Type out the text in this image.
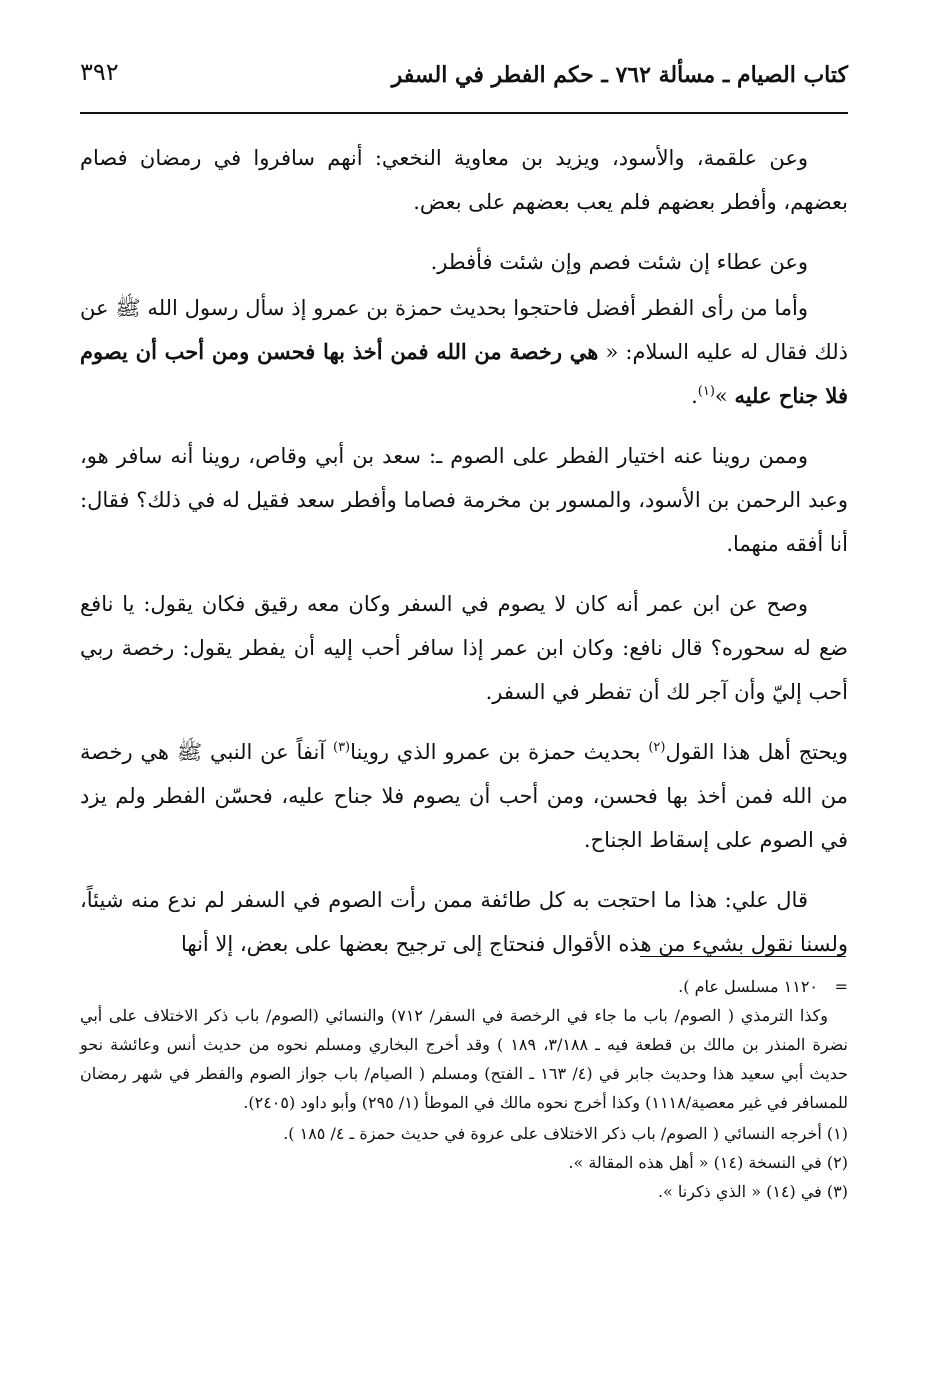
كتاب الصيام ـ مسألة ٧٦٢ ـ حكم الفطر في السفر
٣٩٢

وعن علقمة، والأسود، ويزيد بن معاوية النخعي: أنهم سافروا في رمضان فصام بعضهم، وأفطر بعضهم فلم يعب بعضهم على بعض.

وعن عطاء إن شئت فصم وإن شئت فأفطر.

وأما من رأى الفطر أفضل فاحتجوا بحديث حمزة بن عمرو إذ سأل رسول الله ﷺ عن ذلك فقال له عليه السلام: « هي رخصة من الله فمن أخذ بها فحسن ومن أحب أن يصوم فلا جناح عليه »$^{(١)}$.

وممن روينا عنه اختيار الفطر على الصوم ـ: سعد بن أبي وقاص، روينا أنه سافر هو، وعبد الرحمن بن الأسود، والمسور بن مخرمة فصاما وأفطر سعد فقيل له في ذلك؟ فقال: أنا أفقه منهما.

وصح عن ابن عمر أنه كان لا يصوم في السفر وكان معه رقيق فكان يقول: يا نافع ضع له سحوره؟ قال نافع: وكان ابن عمر إذا سافر أحب إليه أن يفطر يقول: رخصة ربي أحب إليّ وأن آجر لك أن تفطر في السفر.

ويحتج أهل هذا القول$^{(٢)}$ بحديث حمزة بن عمرو الذي روينا$^{(٣)}$ آنفاً عن النبي ﷺ هي رخصة من الله فمن أخذ بها فحسن، ومن أحب أن يصوم فلا جناح عليه، فحسّن الفطر ولم يزد في الصوم على إسقاط الجناح.

قال علي: هذا ما احتجت به كل طائفة ممن رأت الصوم في السفر لم ندع منه شيئاً، ولسنا نقول بشيء من هذه الأقوال فنحتاج إلى ترجيح بعضها على بعض، إلا أنها

=١١٢٠ مسلسل عام ).

وكذا الترمذي ( الصوم/ باب ما جاء في الرخصة في السفر/ ٧١٢) والنسائي (الصوم/ باب ذكر الاختلاف على أبي نضرة المنذر بن مالك بن قطعة فيه ـ ٣/١٨٨، ١٨٩ ) وقد أخرج البخاري ومسلم نحوه من حديث أنس وعائشة نحو حديث أبي سعيد هذا وحديث جابر في (٤/ ١٦٣ ـ الفتح) ومسلم ( الصيام/ باب جواز الصوم والفطر في شهر رمضان للمسافر في غير معصية/١١١٨) وكذا أخرج نحوه مالك في الموطأ (١/ ٢٩٥) وأبو داود (٢٤٠٥).

(١) أخرجه النسائي ( الصوم/ باب ذكر الاختلاف على عروة في حديث حمزة ـ ٤/ ١٨٥ ).

(٢) في النسخة (١٤) « أهل هذه المقالة ».

(٣) في (١٤) « الذي ذكرنا ».
